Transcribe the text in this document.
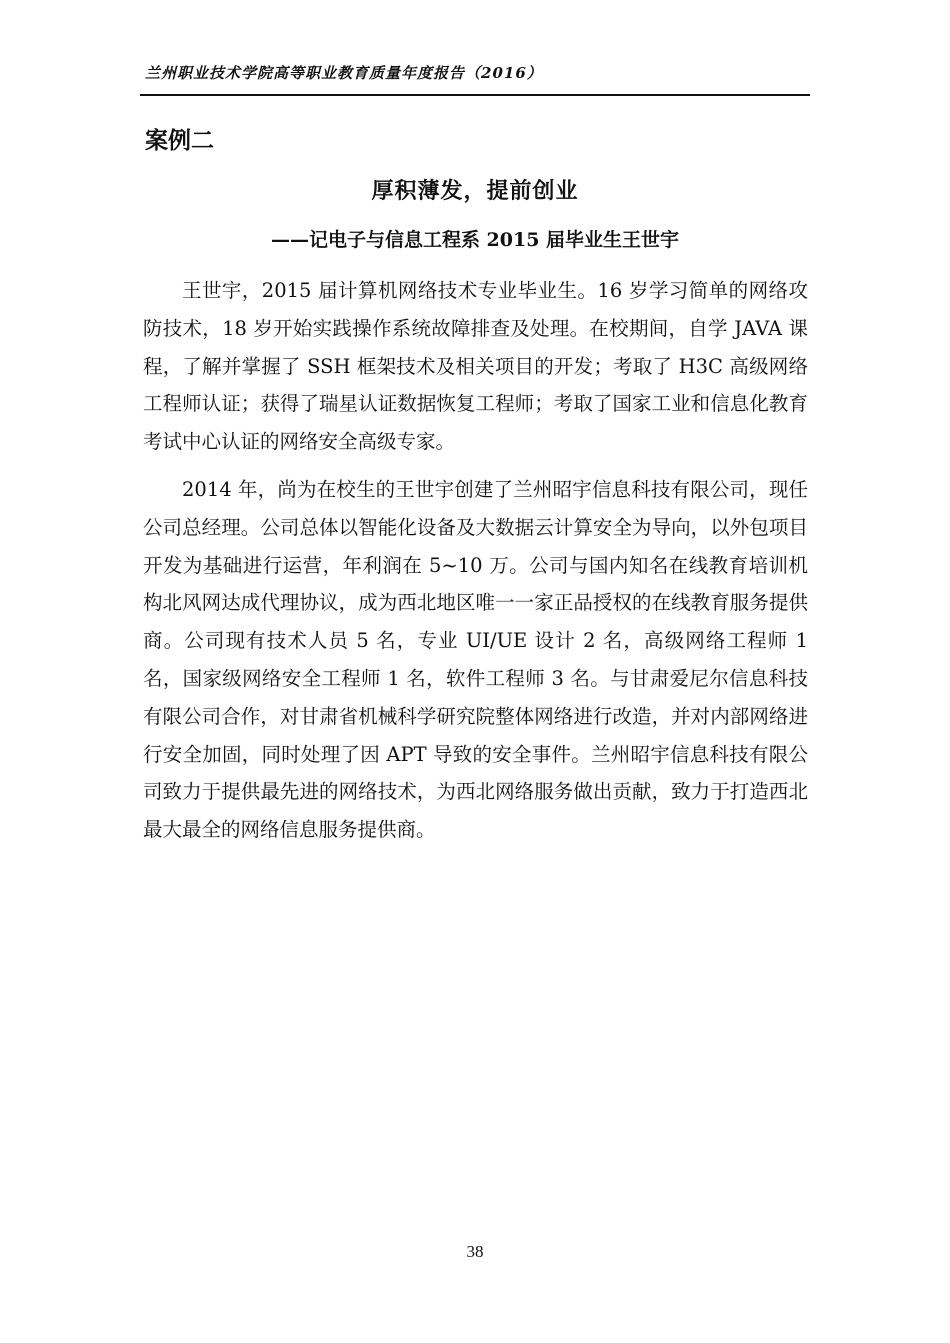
兰州职业技术学院高等职业教育质量年度报告（2016）
案例二
厚积薄发，提前创业
——记电子与信息工程系 2015 届毕业生王世宇

王世宇，2015 届计算机网络技术专业毕业生。16 岁学习简单的网络攻防技术，18 岁开始实践操作系统故障排查及处理。在校期间，自学 JAVA 课程，了解并掌握了 SSH 框架技术及相关项目的开发；考取了 H3C 高级网络工程师认证；获得了瑞星认证数据恢复工程师；考取了国家工业和信息化教育考试中心认证的网络安全高级专家。

2014 年，尚为在校生的王世宇创建了兰州昭宇信息科技有限公司，现任公司总经理。公司总体以智能化设备及大数据云计算安全为导向，以外包项目开发为基础进行运营，年利润在 5~10 万。公司与国内知名在线教育培训机构北风网达成代理协议，成为西北地区唯一一家正品授权的在线教育服务提供商。公司现有技术人员 5 名，专业 UI/UE 设计 2 名，高级网络工程师 1 名，国家级网络安全工程师 1 名，软件工程师 3 名。与甘肃爱尼尔信息科技有限公司合作，对甘肃省机械科学研究院整体网络进行改造，并对内部网络进行安全加固，同时处理了因 APT 导致的安全事件。兰州昭宇信息科技有限公司致力于提供最先进的网络技术，为西北网络服务做出贡献，致力于打造西北最大最全的网络信息服务提供商。

38
